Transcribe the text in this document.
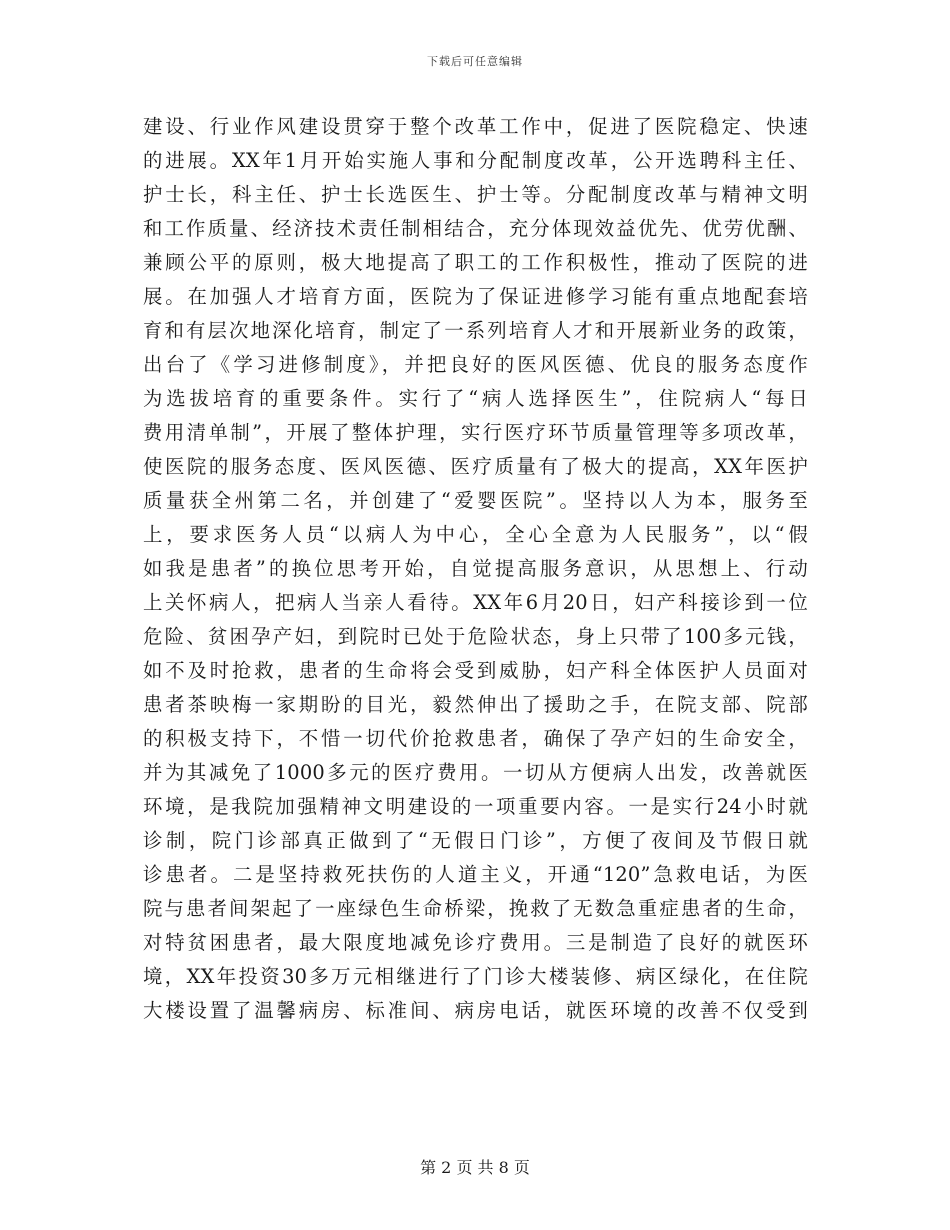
下载后可任意编辑
建设、行业作风建设贯穿于整个改革工作中，促进了医院稳定、快速
的进展。XX年1月开始实施人事和分配制度改革，公开选聘科主任、
护士长，科主任、护士长选医生、护士等。分配制度改革与精神文明
和工作质量、经济技术责任制相结合，充分体现效益优先、优劳优酬、
兼顾公平的原则，极大地提高了职工的工作积极性，推动了医院的进
展。在加强人才培育方面，医院为了保证进修学习能有重点地配套培
育和有层次地深化培育，制定了一系列培育人才和开展新业务的政策，
出台了《学习进修制度》，并把良好的医风医德、优良的服务态度作
为选拔培育的重要条件。实行了“病人选择医生”，住院病人“每日
费用清单制”，开展了整体护理，实行医疗环节质量管理等多项改革，
使医院的服务态度、医风医德、医疗质量有了极大的提高，XX年医护
质量获全州第二名，并创建了“爱婴医院”。坚持以人为本，服务至
上，要求医务人员“以病人为中心，全心全意为人民服务”，以“假
如我是患者”的换位思考开始，自觉提高服务意识，从思想上、行动
上关怀病人，把病人当亲人看待。XX年6月20日，妇产科接诊到一位
危险、贫困孕产妇，到院时已处于危险状态，身上只带了100多元钱，
如不及时抢救，患者的生命将会受到威胁，妇产科全体医护人员面对
患者茶映梅一家期盼的目光，毅然伸出了援助之手，在院支部、院部
的积极支持下，不惜一切代价抢救患者，确保了孕产妇的生命安全，
并为其减免了1000多元的医疗费用。一切从方便病人出发，改善就医
环境，是我院加强精神文明建设的一项重要内容。一是实行24小时就
诊制，院门诊部真正做到了“无假日门诊”，方便了夜间及节假日就
诊患者。二是坚持救死扶伤的人道主义，开通“120”急救电话，为医
院与患者间架起了一座绿色生命桥梁，挽救了无数急重症患者的生命，
对特贫困患者，最大限度地减免诊疗费用。三是制造了良好的就医环
境，XX年投资30多万元相继进行了门诊大楼装修、病区绿化，在住院
大楼设置了温馨病房、标准间、病房电话，就医环境的改善不仅受到
第 2 页 共 8 页
